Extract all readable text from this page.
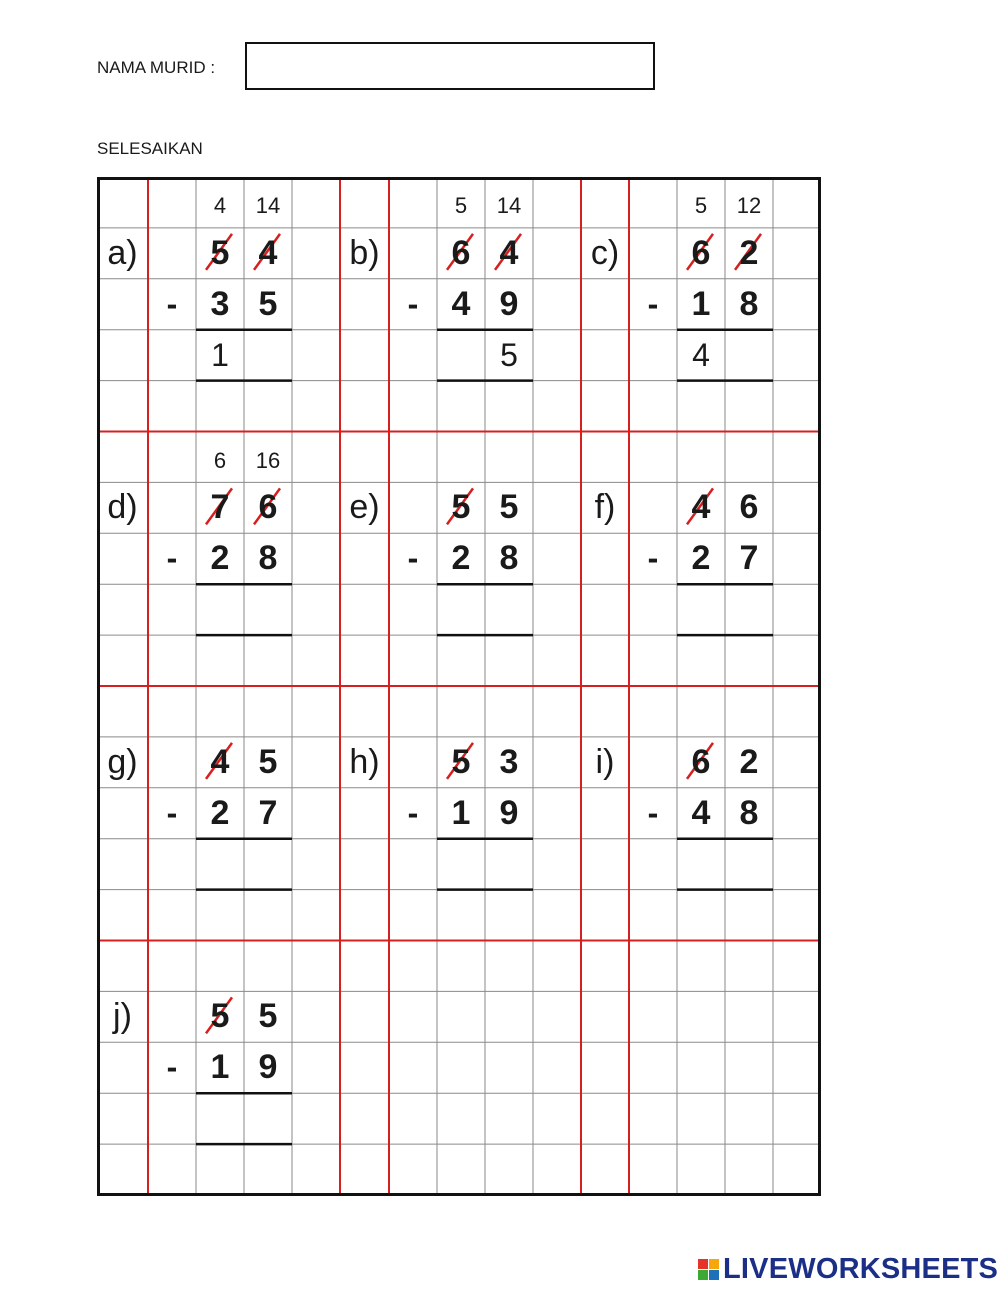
NAMA MURID :
SELESAIKAN
4	14
a)	5 4
- 3 5
1
5	14
b)	6 4
- 4 9
5
5	12
c)	6 2
- 1 8
4
6	16
d)	7 6
- 2 8
e)	5 5
- 2 8
f)	4 6
- 2 7
g)	4 5
- 2 7
h)	5 3
- 1 9
i)	6 2
- 4 8
j)	5 5
- 1 9
LIVEWORKSHEETS
